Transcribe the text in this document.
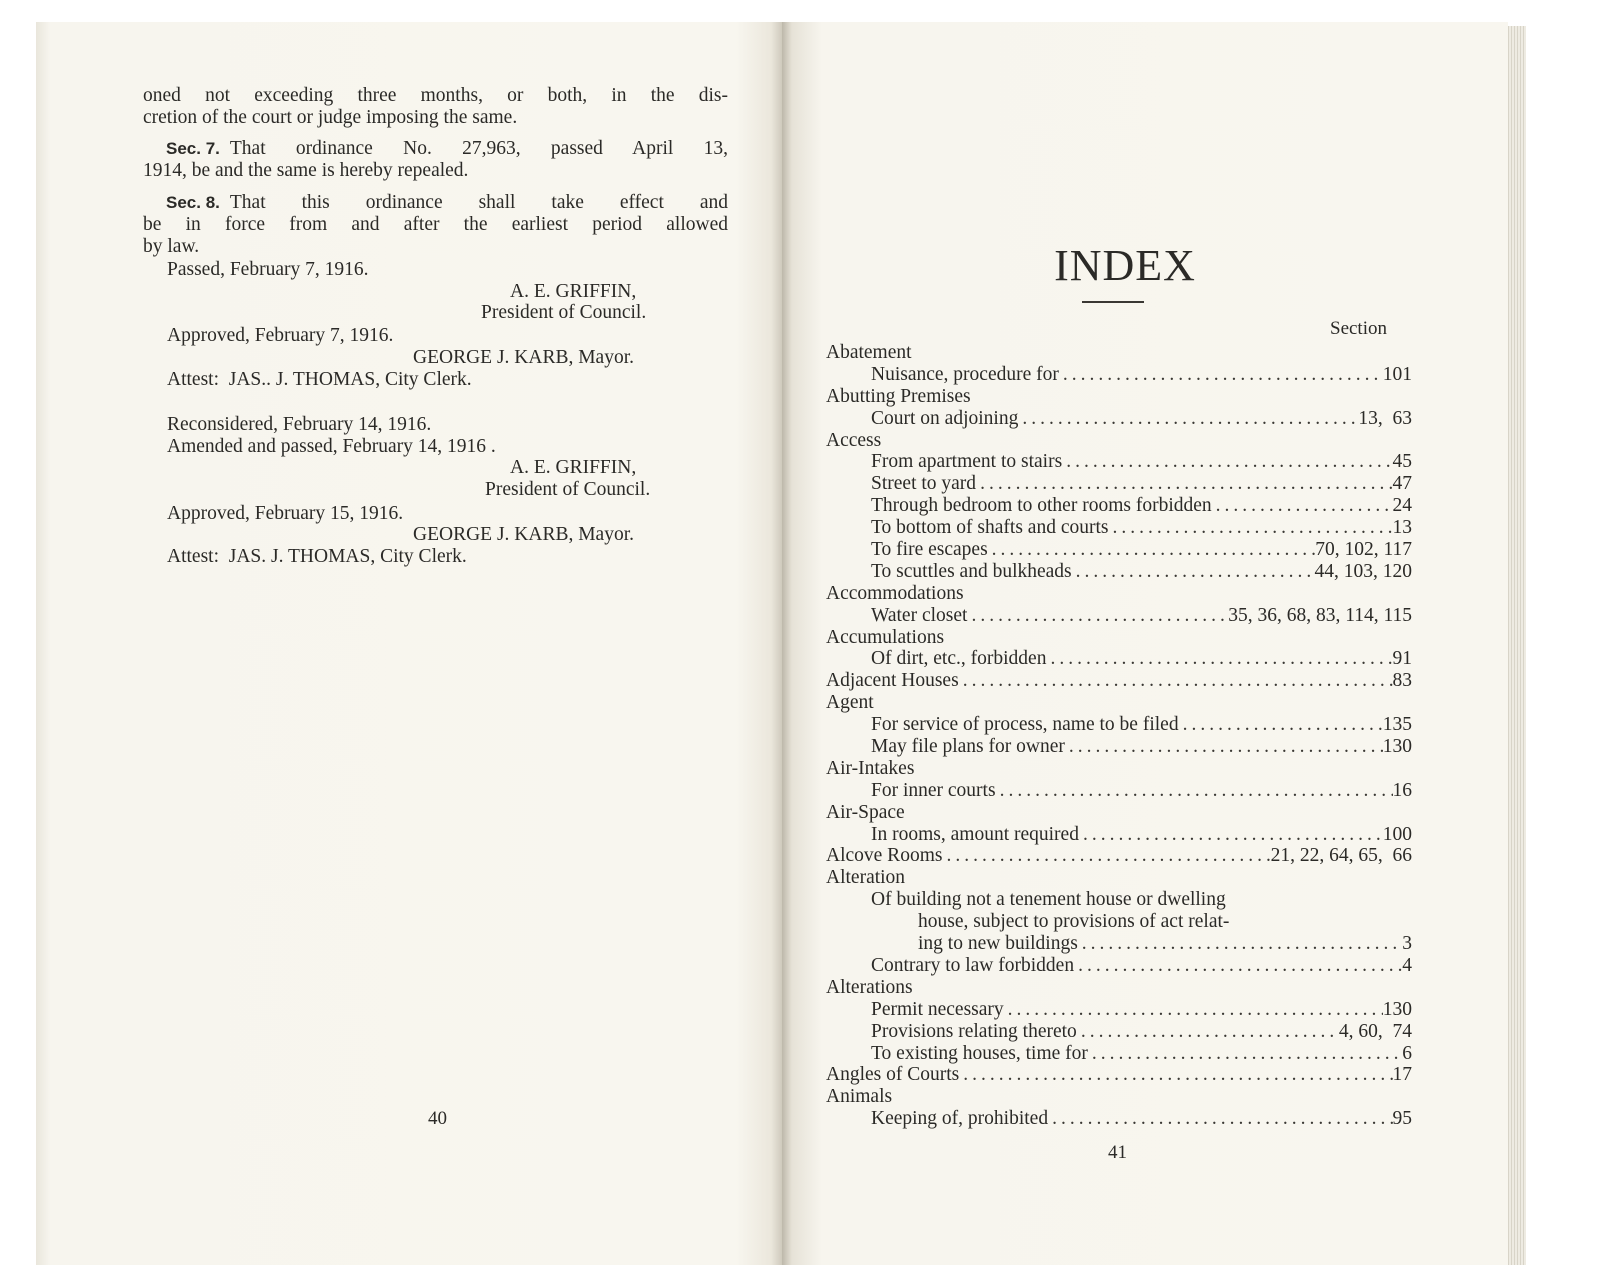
oned not exceeding three months, or both, in the dis-
cretion of the court or judge imposing the same.
Sec. 7. That ordinance No. 27,963, passed April 13,
1914, be and the same is hereby repealed.
Sec. 8. That this ordinance shall take effect and
be in force from and after the earliest period allowed
by law.
Passed, February 7, 1916.
A. E. GRIFFIN,
President of Council.
Approved, February 7, 1916.
GEORGE J. KARB, Mayor.
Attest:  JAS.. J. THOMAS, City Clerk.
Reconsidered, February 14, 1916.
Amended and passed, February 14, 1916 .
A. E. GRIFFIN,
President of Council.
Approved, February 15, 1916.
GEORGE J. KARB, Mayor.
Attest:  JAS. J. THOMAS, City Clerk.
40
INDEX
Section
Abatement
Nuisance, procedure for .....	101
Abutting Premises
Court on adjoining .....	13,  63
Access
From apartment to stairs .....	45
Street to yard .....	47
Through bedroom to other rooms forbidden .....	24
To bottom of shafts and courts .....	13
To fire escapes .....	70, 102, 117
To scuttles and bulkheads .....	44, 103, 120
Accommodations
Water closet .....	35, 36, 68, 83, 114, 115
Accumulations
Of dirt, etc., forbidden .....	91
Adjacent Houses .....	83
Agent
For service of process, name to be filed .....	135
May file plans for owner .....	130
Air-Intakes
For inner courts .....	16
Air-Space
In rooms, amount required .....	100
Alcove Rooms .....	21, 22, 64, 65,  66
Alteration
Of building not a tenement house or dwelling
house, subject to provisions of act relat-
ing to new buildings .....	3
Contrary to law forbidden .....	4
Alterations
Permit necessary .....	130
Provisions relating thereto .....	4, 60,  74
To existing houses, time for .....	6
Angles of Courts .....	17
Animals
Keeping of, prohibited .....	95
41
